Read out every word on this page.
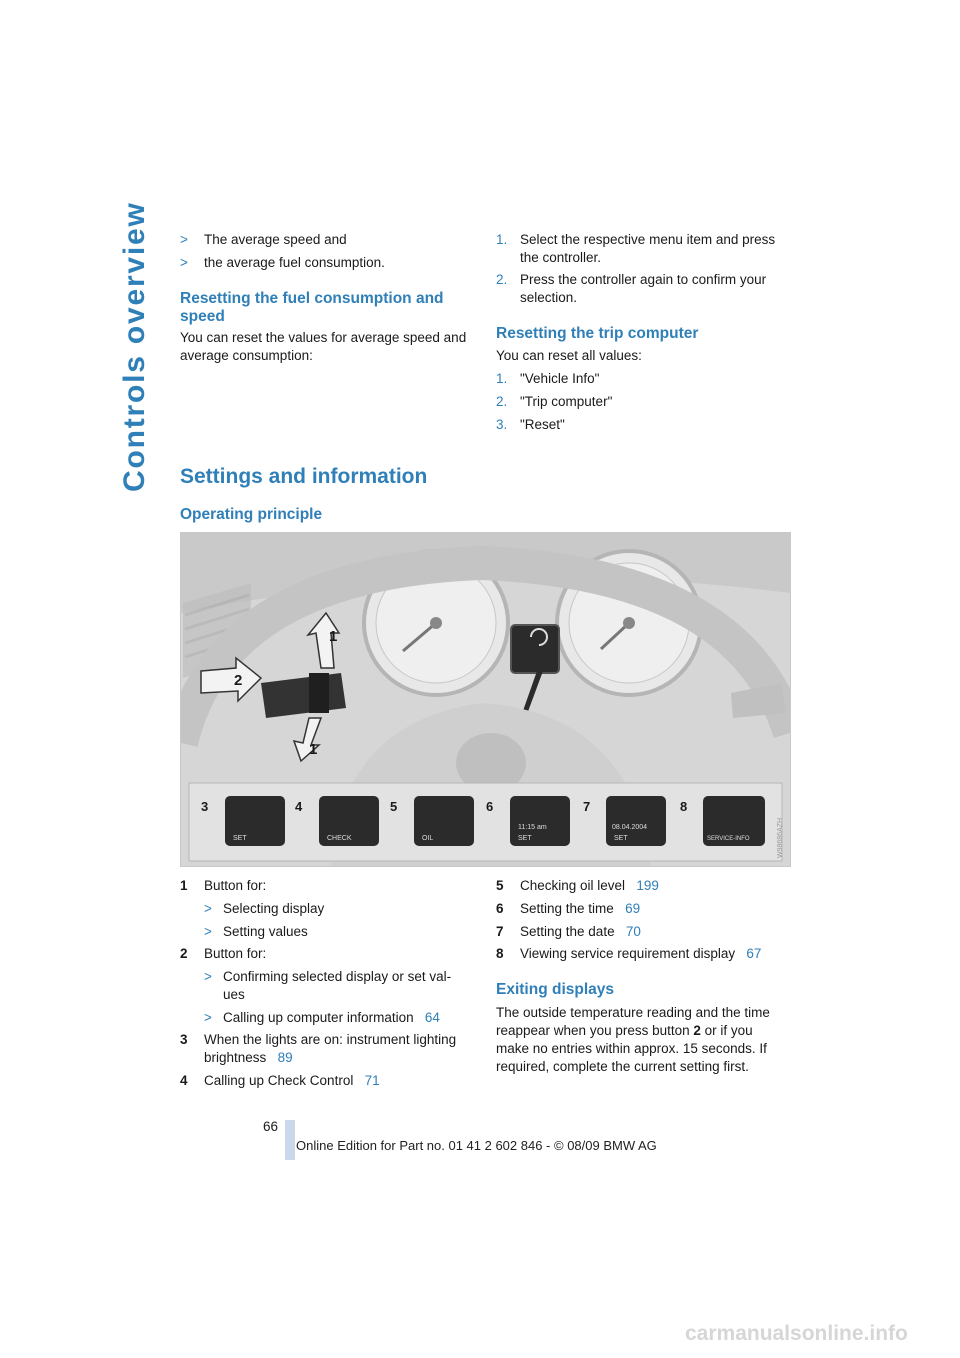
Controls overview > The average speed and
> the average fuel consumption.
Resetting the fuel consumption and
speed
You can reset the values for average speed and
average consumption:
1. Select the respective menu item and press
the controller.
2. Press the controller again to confirm your
selection.
Resetting the trip computer
You can reset all values:
1. "Vehicle Info"
2. "Trip computer"
3. "Reset"
Settings and information
Operating principle
1
2
1
3
SET
4
CHECK
5
OIL
6
11:15 am
SET
7
08.04.2004
SET
8
SERVICE-INFO	W98686AZH
1 Button for:
> Selecting display
> Setting values
2 Button for:
> Confirming selected display or set val-
ues
> Calling up computer information 64
3 When the lights are on: instrument lighting
brightness 89
4 Calling up Check Control 71
5 Checking oil level 199
6 Setting the time 69
7 Setting the date 70
8 Viewing service requirement display 67
Exiting displays
The outside temperature reading and the time
reappear when you press button 2 or if you
make no entries within approx. 15 seconds. If
required, complete the current setting first.
66
Online Edition for Part no. 01 41 2 602 846 - © 08/09 BMW AG
carmanualsonline.info
